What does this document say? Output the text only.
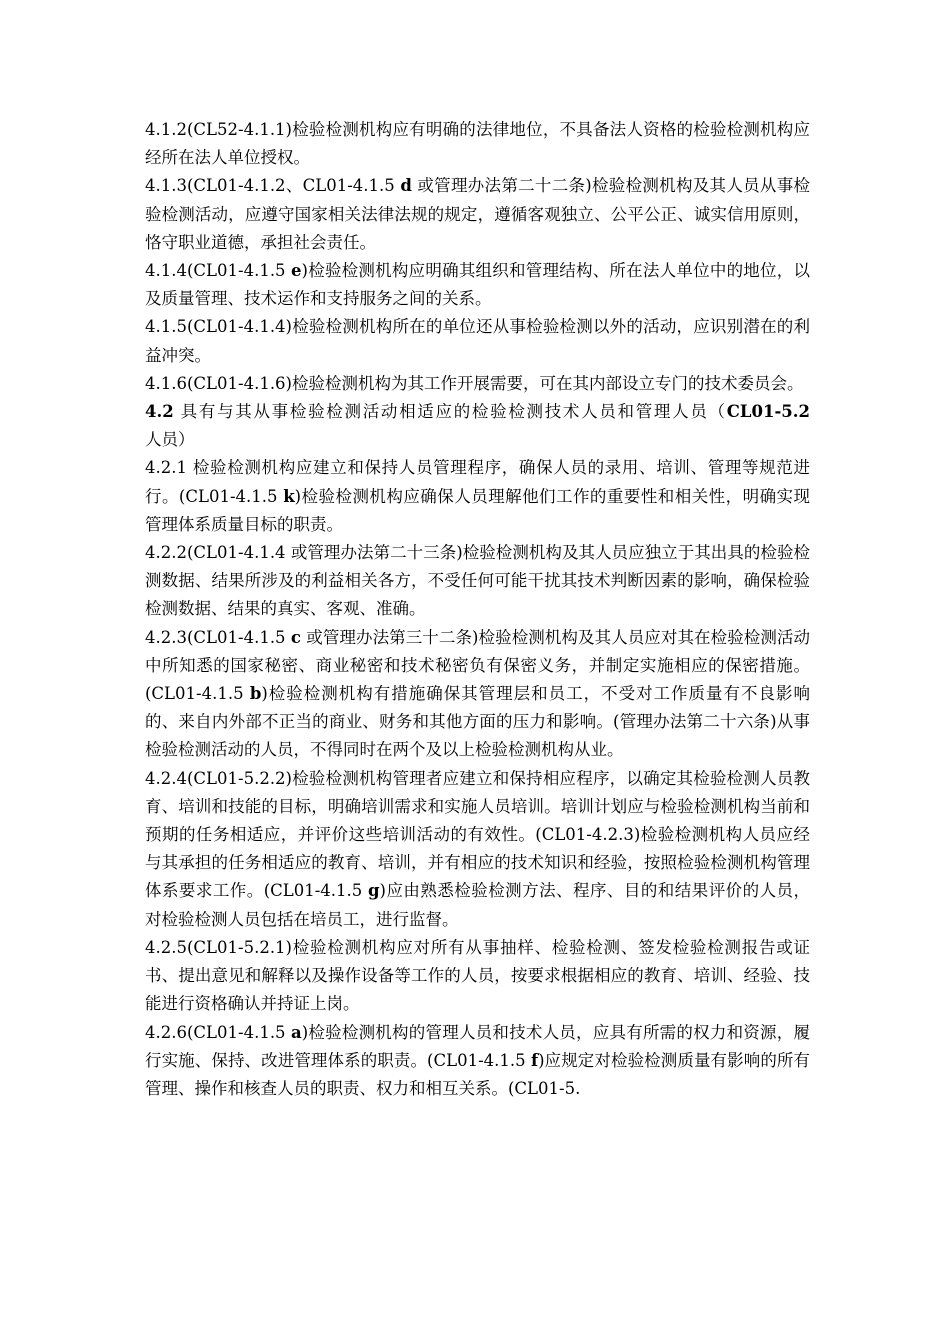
4.1.2(CL52-4.1.1)检验检测机构应有明确的法律地位，不具备法人资格的检验检测机构应经所在法人单位授权。

4.1.3(CL01-4.1.2、CL01-4.1.5 d 或管理办法第二十二条)检验检测机构及其人员从事检验检测活动，应遵守国家相关法律法规的规定，遵循客观独立、公平公正、诚实信用原则，恪守职业道德，承担社会责任。

4.1.4(CL01-4.1.5 e)检验检测机构应明确其组织和管理结构、所在法人单位中的地位，以及质量管理、技术运作和支持服务之间的关系。

4.1.5(CL01-4.1.4)检验检测机构所在的单位还从事检验检测以外的活动，应识别潜在的利益冲突。

4.1.6(CL01-4.1.6)检验检测机构为其工作开展需要，可在其内部设立专门的技术委员会。

4.2 具有与其从事检验检测活动相适应的检验检测技术人员和管理人员（CL01-5.2 人员）

4.2.1 检验检测机构应建立和保持人员管理程序，确保人员的录用、培训、管理等规范进行。(CL01-4.1.5 k)检验检测机构应确保人员理解他们工作的重要性和相关性，明确实现管理体系质量目标的职责。

4.2.2(CL01-4.1.4 或管理办法第二十三条)检验检测机构及其人员应独立于其出具的检验检测数据、结果所涉及的利益相关各方，不受任何可能干扰其技术判断因素的影响，确保检验检测数据、结果的真实、客观、准确。

4.2.3(CL01-4.1.5 c 或管理办法第三十二条)检验检测机构及其人员应对其在检验检测活动中所知悉的国家秘密、商业秘密和技术秘密负有保密义务，并制定实施相应的保密措施。(CL01-4.1.5 b)检验检测机构有措施确保其管理层和员工，不受对工作质量有不良影响的、来自内外部不正当的商业、财务和其他方面的压力和影响。(管理办法第二十六条)从事检验检测活动的人员，不得同时在两个及以上检验检测机构从业。

4.2.4(CL01-5.2.2)检验检测机构管理者应建立和保持相应程序，以确定其检验检测人员教育、培训和技能的目标，明确培训需求和实施人员培训。培训计划应与检验检测机构当前和预期的任务相适应，并评价这些培训活动的有效性。(CL01-4.2.3)检验检测机构人员应经与其承担的任务相适应的教育、培训，并有相应的技术知识和经验，按照检验检测机构管理体系要求工作。(CL01-4.1.5 g)应由熟悉检验检测方法、程序、目的和结果评价的人员，对检验检测人员包括在培员工，进行监督。

4.2.5(CL01-5.2.1)检验检测机构应对所有从事抽样、检验检测、签发检验检测报告或证书、提出意见和解释以及操作设备等工作的人员，按要求根据相应的教育、培训、经验、技能进行资格确认并持证上岗。

4.2.6(CL01-4.1.5 a)检验检测机构的管理人员和技术人员，应具有所需的权力和资源，履行实施、保持、改进管理体系的职责。(CL01-4.1.5 f)应规定对检验检测质量有影响的所有管理、操作和核查人员的职责、权力和相互关系。(CL01-5.
